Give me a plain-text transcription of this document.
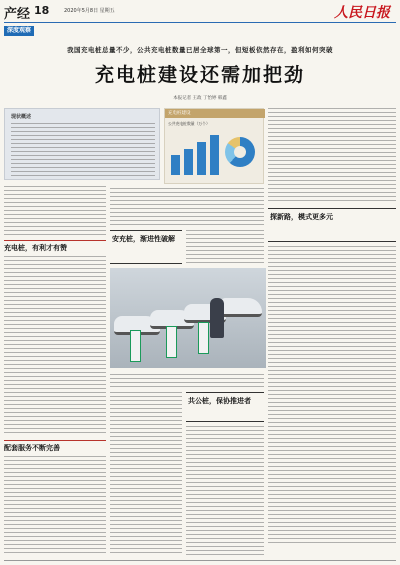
产经 18	2020年5月8日 星期五	人民日报
深度观察
我国充电桩总量不少，公共充电桩数量已居全球第一，但短板依然存在，盈利如何突破
充电桩建设还需加把劲
本报记者 王政 丁怡婷 韩鑫
现状概述
充电桩建设
公共充电桩数量（万个）
充电桩，有利才有赞
配套服务不断完善
安充桩，渐进性破解
共公桩，保协推进者
探新路，模式更多元
